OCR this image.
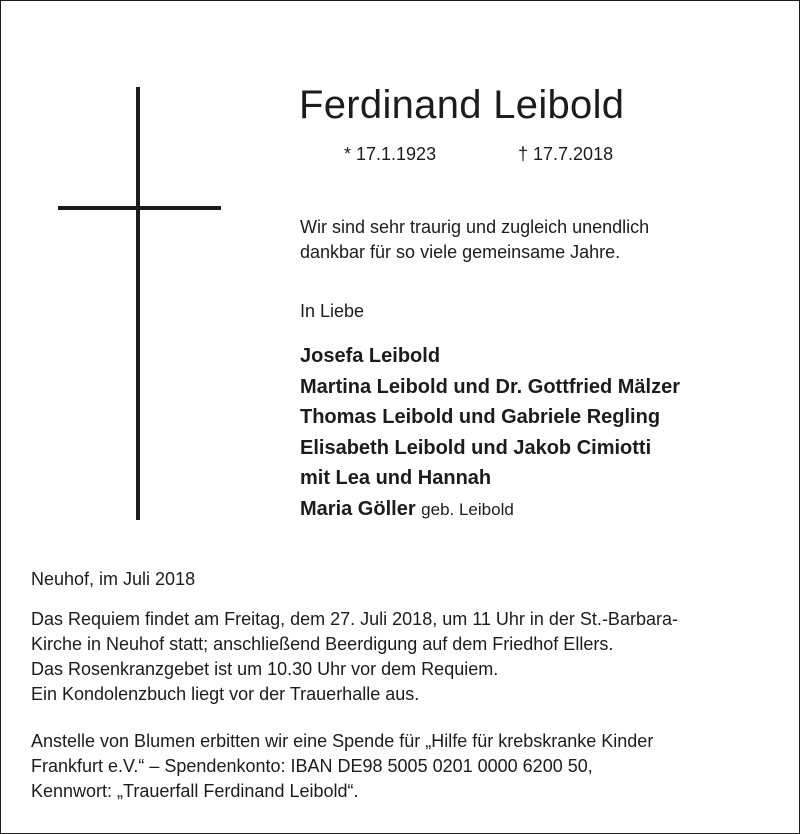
Ferdinand Leibold
* 17.1.1923	† 17.7.2018
Wir sind sehr traurig und zugleich unendlich
dankbar für so viele gemeinsame Jahre.
In Liebe
Josefa Leibold
Martina Leibold und Dr. Gottfried Mälzer
Thomas Leibold und Gabriele Regling
Elisabeth Leibold und Jakob Cimiotti
mit Lea und Hannah
Maria Göller geb. Leibold
Neuhof, im Juli 2018
Das Requiem findet am Freitag, dem 27. Juli 2018, um 11 Uhr in der St.-Barbara-
Kirche in Neuhof statt; anschließend Beerdigung auf dem Friedhof Ellers.
Das Rosenkranzgebet ist um 10.30 Uhr vor dem Requiem.
Ein Kondolenzbuch liegt vor der Trauerhalle aus.
Anstelle von Blumen erbitten wir eine Spende für „Hilfe für krebskranke Kinder
Frankfurt e.V.“ – Spendenkonto: IBAN DE98 5005 0201 0000 6200 50,
Kennwort: „Trauerfall Ferdinand Leibold“.
